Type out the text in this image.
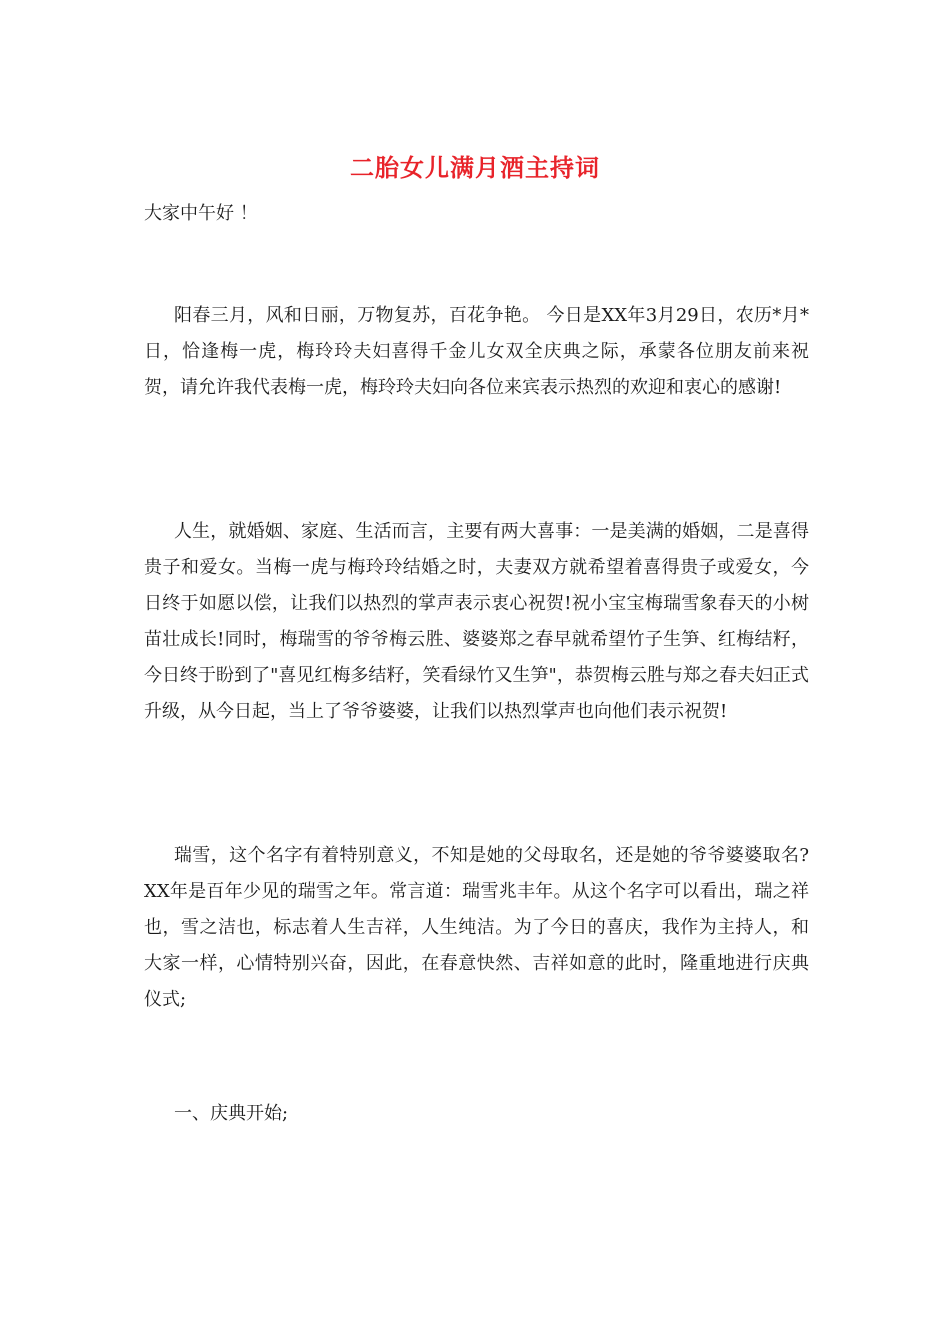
二胎女儿满月酒主持词
大家中午好 ！

阳春三月，风和日丽，万物复苏，百花争艳。 今日是XX年3月29日，农历*月*日，恰逢梅一虎，梅玲玲夫妇喜得千金儿女双全庆典之际，承蒙各位朋友前来祝贺，请允许我代表梅一虎，梅玲玲夫妇向各位来宾表示热烈的欢迎和衷心的感谢!

人生，就婚姻、家庭、生活而言，主要有两大喜事：一是美满的婚姻，二是喜得贵子和爱女。当梅一虎与梅玲玲结婚之时，夫妻双方就希望着喜得贵子或爱女，今日终于如愿以偿，让我们以热烈的掌声表示衷心祝贺!祝小宝宝梅瑞雪象春天的小树苗壮成长!同时，梅瑞雪的爷爷梅云胜、婆婆郑之春早就希望竹子生笋、红梅结籽，今日终于盼到了"喜见红梅多结籽，笑看绿竹又生笋"，恭贺梅云胜与郑之春夫妇正式升级，从今日起，当上了爷爷婆婆，让我们以热烈掌声也向他们表示祝贺!

瑞雪，这个名字有着特别意义，不知是她的父母取名，还是她的爷爷婆婆取名?XX年是百年少见的瑞雪之年。常言道：瑞雪兆丰年。从这个名字可以看出，瑞之祥也，雪之洁也，标志着人生吉祥，人生纯洁。为了今日的喜庆，我作为主持人，和大家一样，心情特别兴奋，因此，在春意快然、吉祥如意的此时，隆重地进行庆典仪式;

一、庆典开始;
